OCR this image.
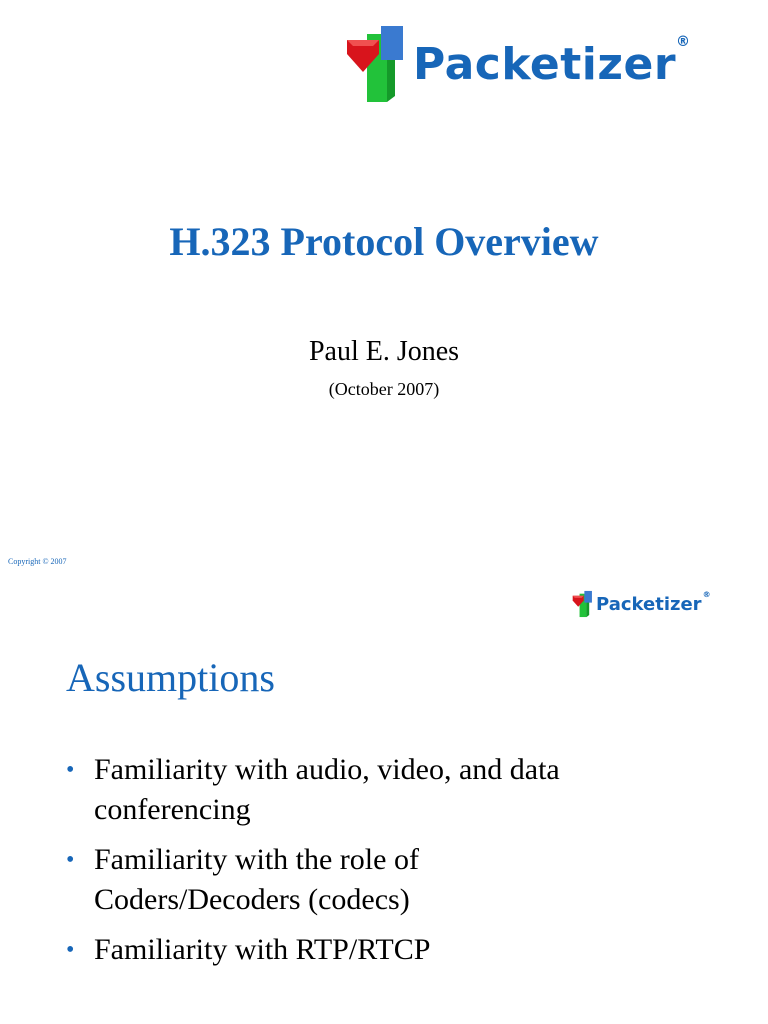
Packetizer ®
H.323 Protocol Overview
Paul E. Jones
(October 2007)
Copyright © 2007
Packetizer ®
Assumptions
• Familiarity with audio, video, and data
conferencing
• Familiarity with the role of
Coders/Decoders (codecs)
• Familiarity with RTP/RTCP
